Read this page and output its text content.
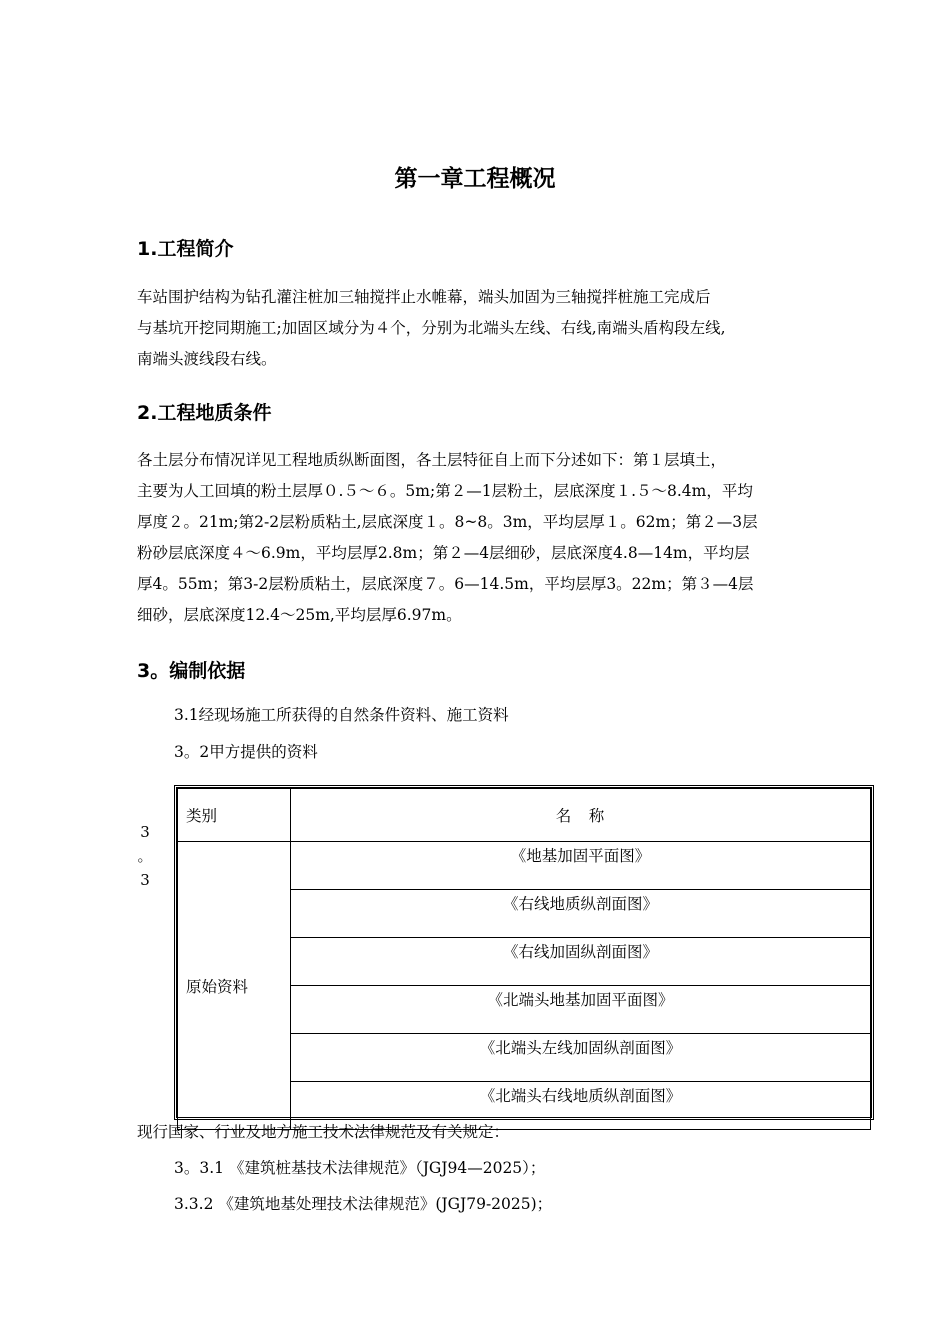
第一章工程概况
1.工程简介

车站围护结构为钻孔灌注桩加三轴搅拌止水帷幕，端头加固为三轴搅拌桩施工完成后
与基坑开挖同期施工;加固区域分为４个，分别为北端头左线、右线,南端头盾构段左线,
南端头渡线段右线。

2.工程地质条件

各土层分布情况详见工程地质纵断面图，各土层特征自上而下分述如下：第１层填土，
主要为人工回填的粉土层厚０.５～６。5m;第２—1层粉土，层底深度１.５～8.4m，平均
厚度２。21m;第2-2层粉质粘土,层底深度１。8~8。3m，平均层厚１。62m；第２—3层
粉砂层底深度４～6.9m，平均层厚2.8m；第２—4层细砂，层底深度4.8—14m，平均层
厚4。55m；第3-2层粉质粘土，层底深度７。6—14.5m，平均层厚3。22m；第３—4层
细砂，层底深度12.4～25m,平均层厚6.97m。

3。编制依据
3.1经现场施工所获得的自然条件资料、施工资料
3。2甲方提供的资料
3
。
3
类别	名　称
原始资料	《地基加固平面图》
	《右线地质纵剖面图》
	《右线加固纵剖面图》
	《北端头地基加固平面图》
	《北端头左线加固纵剖面图》
	《北端头右线地质纵剖面图》
现行国家、行业及地方施工技术法律规范及有关规定：
3。3.1 《建筑桩基技术法律规范》（JGJ94—2025）；
3.3.2 《建筑地基处理技术法律规范》(JGJ79-2025)；
